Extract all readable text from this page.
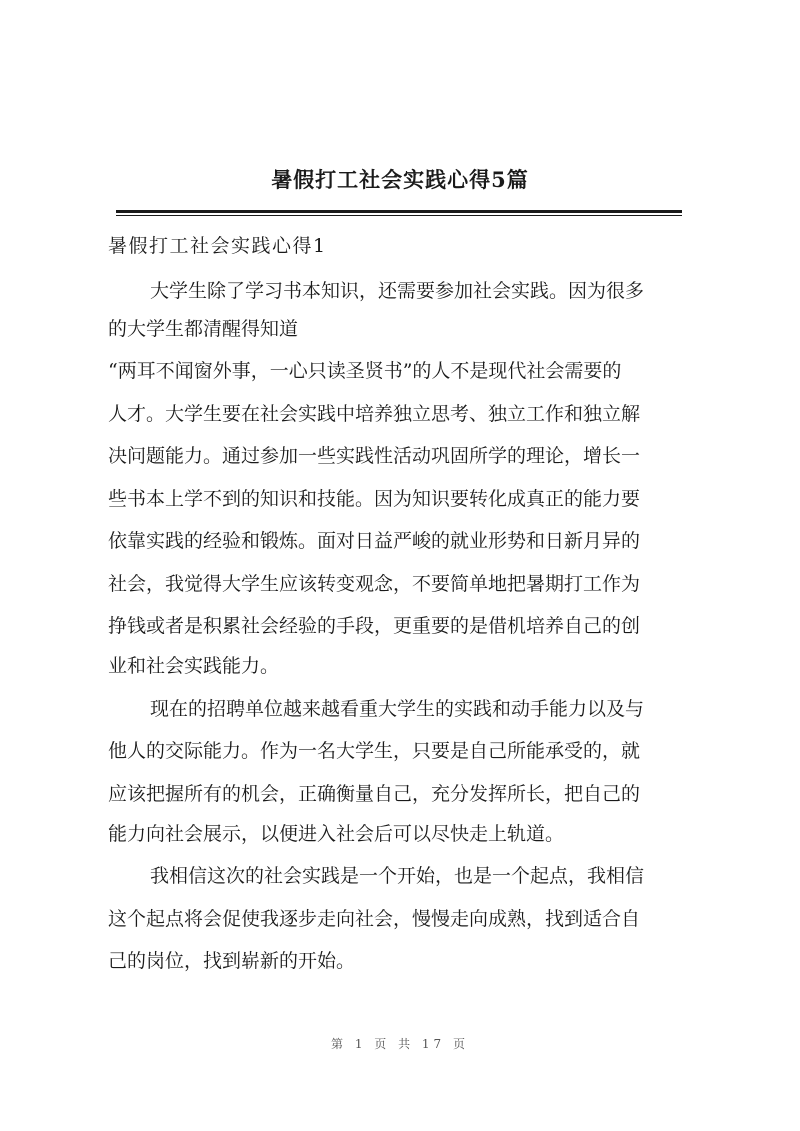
暑假打工社会实践心得5篇
暑假打工社会实践心得1
大学生除了学习书本知识，还需要参加社会实践。因为很多
的大学生都清醒得知道
“两耳不闻窗外事，一心只读圣贤书”的人不是现代社会需要的
人才。大学生要在社会实践中培养独立思考、独立工作和独立解
决问题能力。通过参加一些实践性活动巩固所学的理论，增长一
些书本上学不到的知识和技能。因为知识要转化成真正的能力要
依靠实践的经验和锻炼。面对日益严峻的就业形势和日新月异的
社会，我觉得大学生应该转变观念，不要简单地把暑期打工作为
挣钱或者是积累社会经验的手段，更重要的是借机培养自己的创
业和社会实践能力。
现在的招聘单位越来越看重大学生的实践和动手能力以及与
他人的交际能力。作为一名大学生，只要是自己所能承受的，就
应该把握所有的机会，正确衡量自己，充分发挥所长，把自己的
能力向社会展示，以便进入社会后可以尽快走上轨道。
我相信这次的社会实践是一个开始，也是一个起点，我相信
这个起点将会促使我逐步走向社会，慢慢走向成熟，找到适合自
己的岗位，找到崭新的开始。
第 1 页 共 17 页
